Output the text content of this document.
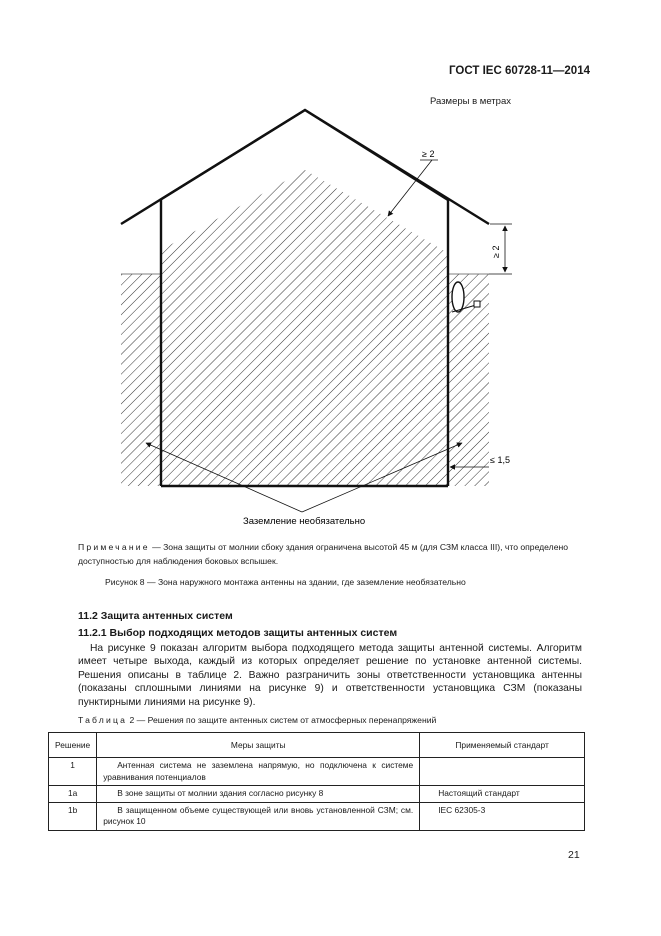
ГОСТ IEC 60728-11—2014
Размеры в метрах
≥ 2
≥ 2
≤ 1,5
Заземление необязательно

Примечание — Зона защиты от молнии сбоку здания ограничена высотой 45 м (для СЗМ класса III), что определено доступностью для наблюдения боковых вспышек.

Рисунок 8 — Зона наружного монтажа антенны на здании, где заземление необязательно
11.2 Защита антенных систем
11.2.1 Выбор подходящих методов защиты антенных систем

На рисунке 9 показан алгоритм выбора подходящего метода защиты антенной системы. Алгоритм имеет четыре выхода, каждый из которых определяет решение по установке антенной системы. Решения описаны в таблице 2. Важно разграничить зоны ответственности установщика антенны (показаны сплошными линиями на рисунке 9) и ответственности установщика СЗМ (показаны пунктирными линиями на рисунке 9).

Таблица 2 — Решения по защите антенных систем от атмосферных перенапряжений
Решение	Меры защиты	Применяемый стандарт
1	Антенная система не заземлена напрямую, но подключена к системе уравнивания потенциалов	
1a	В зоне защиты от молнии здания согласно рисунку 8	Настоящий стандарт
1b	В защищенном объеме существующей или вновь установленной СЗМ; см. рисунок 10	IEC 62305-3
21
